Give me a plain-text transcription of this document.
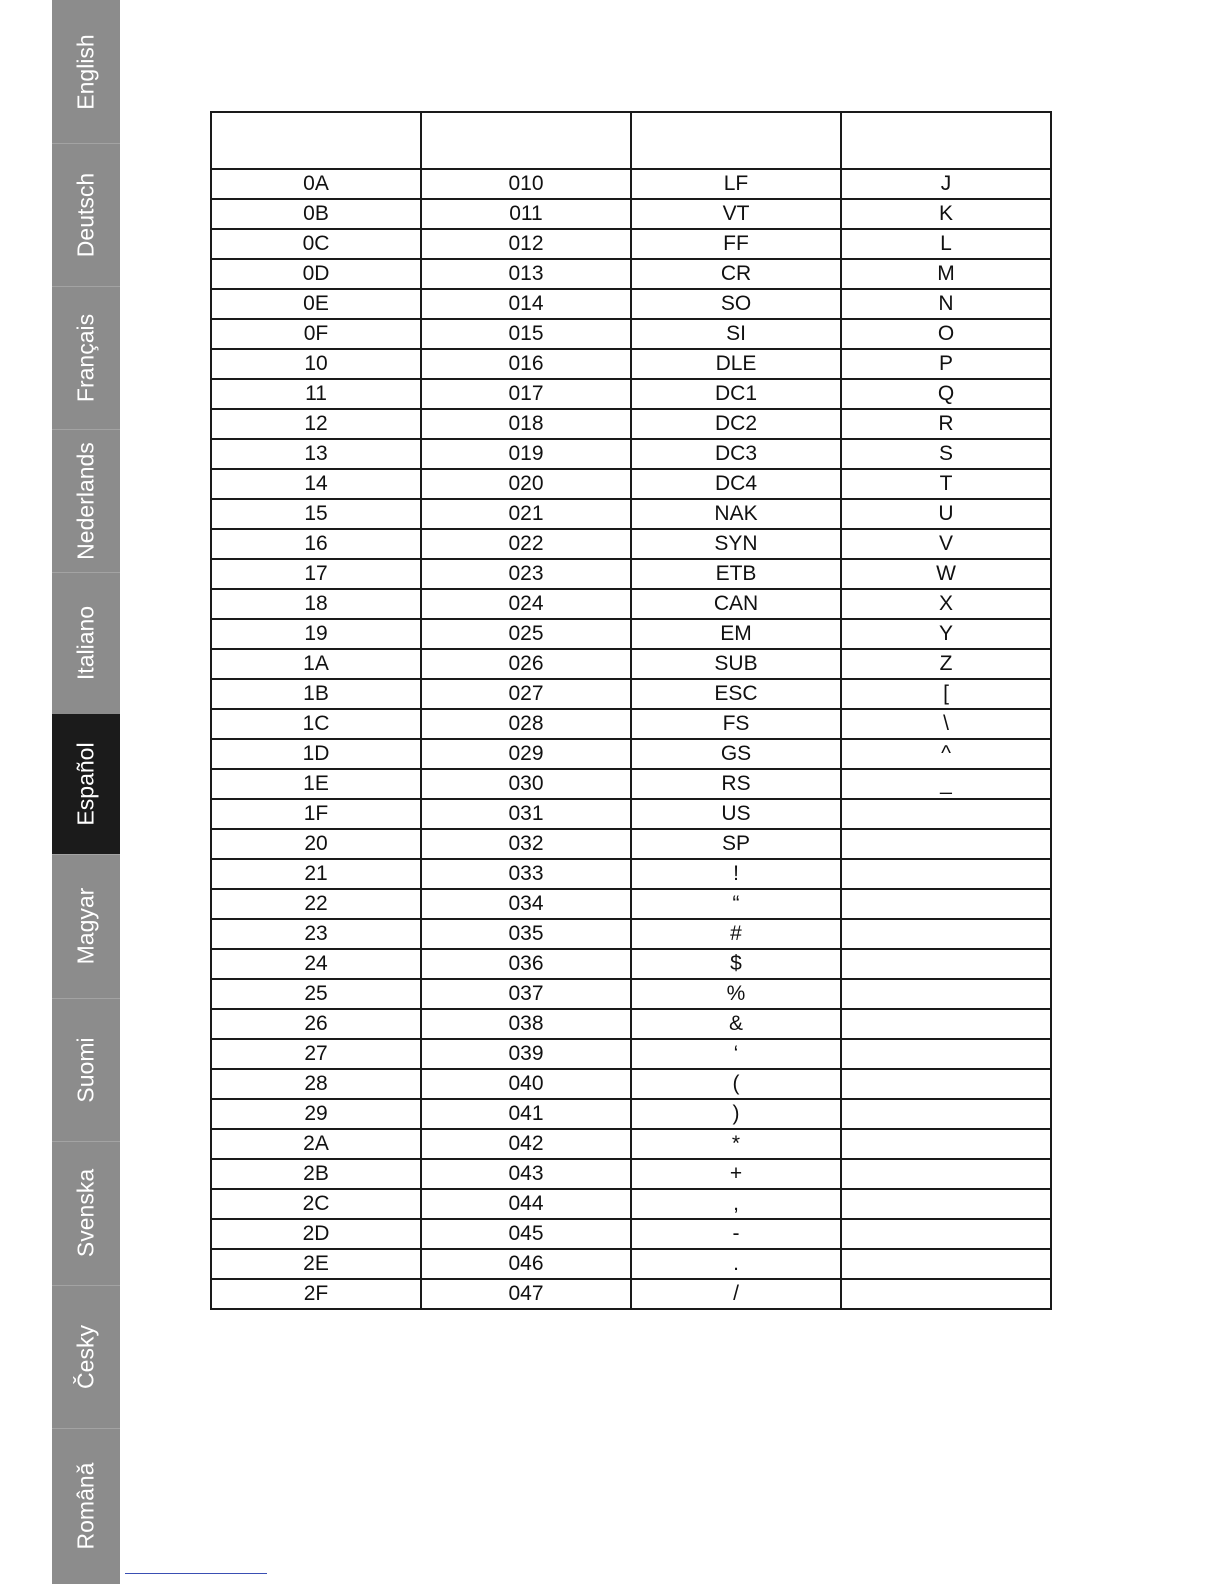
English
Deutsch
Français
Nederlands
Italiano
Español
Magyar
Suomi
Svenska
Česky
Românǎ

0A	010	LF	J
0B	011	VT	K
0C	012	FF	L
0D	013	CR	M
0E	014	SO	N
0F	015	SI	O
10	016	DLE	P
11	017	DC1	Q
12	018	DC2	R
13	019	DC3	S
14	020	DC4	T
15	021	NAK	U
16	022	SYN	V
17	023	ETB	W
18	024	CAN	X
19	025	EM	Y
1A	026	SUB	Z
1B	027	ESC	[
1C	028	FS	\
1D	029	GS	^
1E	030	RS	_
1F	031	US	
20	032	SP	
21	033	!	
22	034	“	
23	035	#	
24	036	$	
25	037	%	
26	038	&	
27	039	‘	
28	040	(	
29	041	)	
2A	042	*	
2B	043	+	
2C	044	,	
2D	045	-	
2E	046	.	
2F	047	/	
